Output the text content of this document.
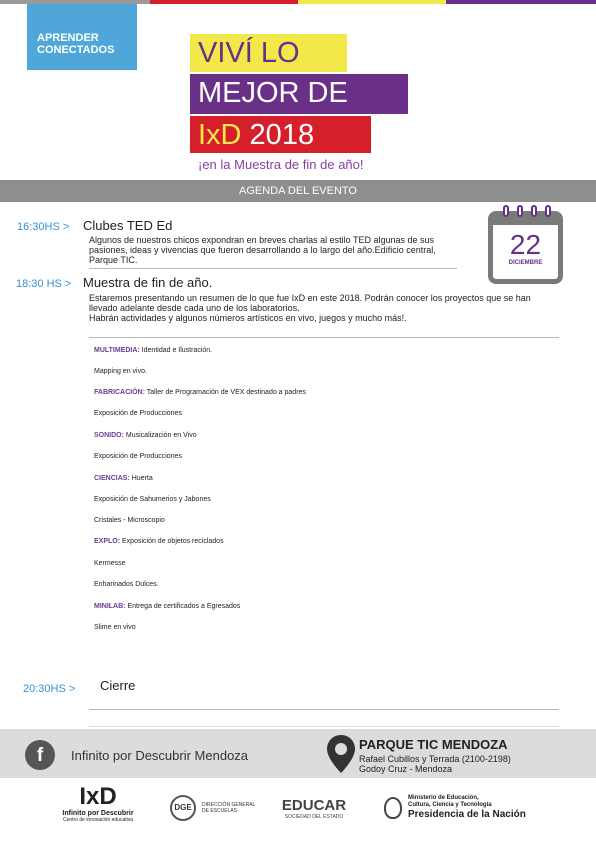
APRENDER
CONECTADOS	VIVÍ LO
MEJOR DE
IxD 2018
¡en la Muestra de fin de año!
AGENDA DEL EVENTO
22
DICIEMBRE
16:30HS > Clubes TED Ed
Algunos de nuestros chicos expondran en breves charlas al estilo TED algunas de sus pasiones, ideas y vivencias que fueron desarrollando a lo largo del año.Edificio central, Parque TIC.
18:30 HS > Muestra de fin de año.
Estaremos presentando un resumen de lo que fue IxD en este 2018. Podrán conocer los proyectos que se han llevado adelante desde cada uno de los laboratorios.
Habrán actividades y algunos números artísticos en vivo, juegos y mucho más!.
MULTIMEDIA: Identidad e Ilustración.
Mapping en vivo.
FABRICACIÓN: Taller de Programación de VEX destinado a padres
Exposición de Producciones
SONIDO: Musicalización en Vivo
Exposición de Producciones
CIENCIAS: Huerta
Exposición de Sahumerios y Jabones
Cristales - Microscopio
EXPLO: Exposición de objetos reciclados
Kermesse
Enharinados Dulces.
MINILAB: Entrega de certificados a Egresados
Slime en vivo
20:30HS > Cierre
f	Infinito por Descubrir Mendoza
PARQUE TIC MENDOZA
Rafael Cubillos y Terrada (2100-2198)
Godoy Cruz - Mendoza
IxD
Infinito por Descubrir
Centro de innovación educativa
DGE	DIRECCIÓN GENERAL DE ESCUELAS	EDUCAR
SOCIEDAD DEL ESTADO
Ministerio de Educación,
Cultura, Ciencia y Tecnología
Presidencia de la Nación
